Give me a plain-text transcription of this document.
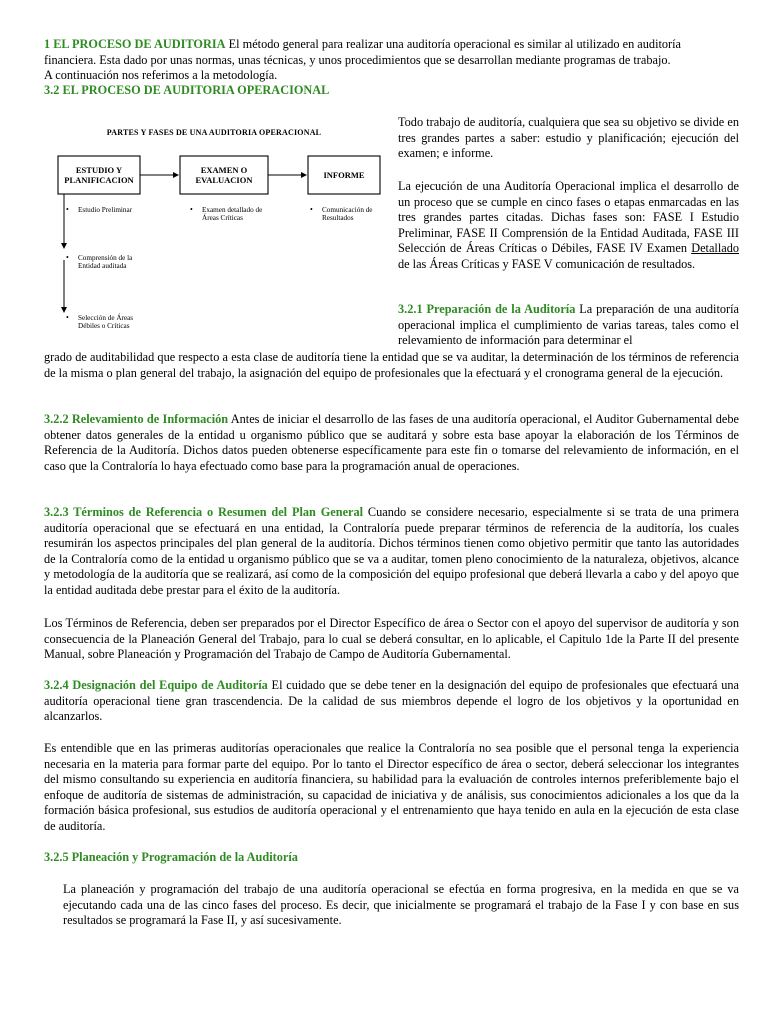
1 EL PROCESO DE AUDITORIA El método general para realizar una auditoría operacional es similar al utilizado en auditoría
financiera. Esta dado por unas normas, unas técnicas, y unos procedimientos que se desarrollan mediante programas de trabajo.
A continuación nos referimos a la metodología.
3.2 EL PROCESO DE AUDITORIA OPERACIONAL
PARTES Y FASES DE UNA AUDITORIA OPERACIONAL
ESTUDIO Y PLANIFICACION
EXAMEN O EVALUACION	INFORME
• Estudio Preliminar
• Comprensión de la Entidad auditada
• Selección de Áreas Débiles o Críticas
• Examen detallado de Áreas Críticas
• Comunicación de Resultados
Todo trabajo de auditoría, cualquiera que sea su objetivo se divide en tres grandes partes a saber: estudio y planificación; ejecución del examen; e informe.
La ejecución de una Auditoría Operacional implica el desarrollo de un proceso que se cumple en cinco fases o etapas enmarcadas en las tres grandes partes citadas. Dichas fases son: FASE I Estudio Preliminar, FASE II Comprensión de la Entidad Auditada, FASE III Selección de Áreas Críticas o Débiles, FASE IV Examen Detallado de las Áreas Críticas y FASE V comunicación de resultados.
3.2.1 Preparación de la Auditoría La preparación de una auditoría operacional implica el cumplimiento de varias tareas, tales como el relevamiento de información para determinar el
grado de auditabilidad que respecto a esta clase de auditoría tiene la entidad que se va auditar, la determinación de los términos de referencia de la misma o plan general del trabajo, la asignación del equipo de profesionales que la efectuará y el cronograma general de la ejecución.
3.2.2 Relevamiento de Información Antes de iniciar el desarrollo de las fases de una auditoría operacional, el Auditor Gubernamental debe obtener datos generales de la entidad u organismo público que se auditará y sobre esta base apoyar la elaboración de los Términos de Referencia de la Auditoría. Dichos datos pueden obtenerse específicamente para este fin o tomarse del relevamiento de información, en el caso que la Contraloría lo haya efectuado como base para la programación anual de operaciones.
3.2.3 Términos de Referencia o Resumen del Plan General Cuando se considere necesario, especialmente si se trata de una primera auditoría operacional que se efectuará en una entidad, la Contraloría puede preparar términos de referencia de la auditoría, los cuales resumirán los aspectos principales del plan general de la auditoría. Dichos términos tienen como objetivo permitir que tanto las autoridades de la Contraloría como de la entidad u organismo público que se va a auditar, tomen pleno conocimiento de la naturaleza, objetivos, alcance y metodología de la auditoría que se realizará, así como de la composición del equipo profesional que deberá llevarla a cabo y del apoyo que la entidad auditada debe prestar para el éxito de la auditoría.
Los Términos de Referencia, deben ser preparados por el Director Específico de área o Sector con el apoyo del supervisor de auditoría y son consecuencia de la Planeación General del Trabajo, para lo cual se deberá consultar, en lo aplicable, el Capitulo 1de la Parte II del presente Manual, sobre Planeación y Programación del Trabajo de Campo de Auditoría Gubernamental.
3.2.4 Designación del Equipo de Auditoría El cuidado que se debe tener en la designación del equipo de profesionales que efectuará una auditoría operacional tiene gran trascendencia. De la calidad de sus miembros depende el logro de los objetivos y la oportunidad en alcanzarlos.
Es entendible que en las primeras auditorías operacionales que realice la Contraloría no sea posible que el personal tenga la experiencia necesaria en la materia para formar parte del equipo. Por lo tanto el Director específico de área o sector, deberá seleccionar los integrantes del mismo consultando su experiencia en auditoría financiera, su habilidad para la evaluación de controles internos preferiblemente bajo el enfoque de auditoría de sistemas de administración, su capacidad de iniciativa y de análisis, sus conocimientos adicionales a los que da la formación básica profesional, sus estudios de auditoría operacional y el entrenamiento que haya tenido en aula en la ejecución de esta clase de auditoría.
3.2.5 Planeación y Programación de la Auditoría
La planeación y programación del trabajo de una auditoría operacional se efectúa en forma progresiva, en la medida en que se va ejecutando cada una de las cinco fases del proceso. Es decir, que inicialmente se programará el trabajo de la Fase I y con base en sus resultados se programará la Fase II, y así sucesivamente.
